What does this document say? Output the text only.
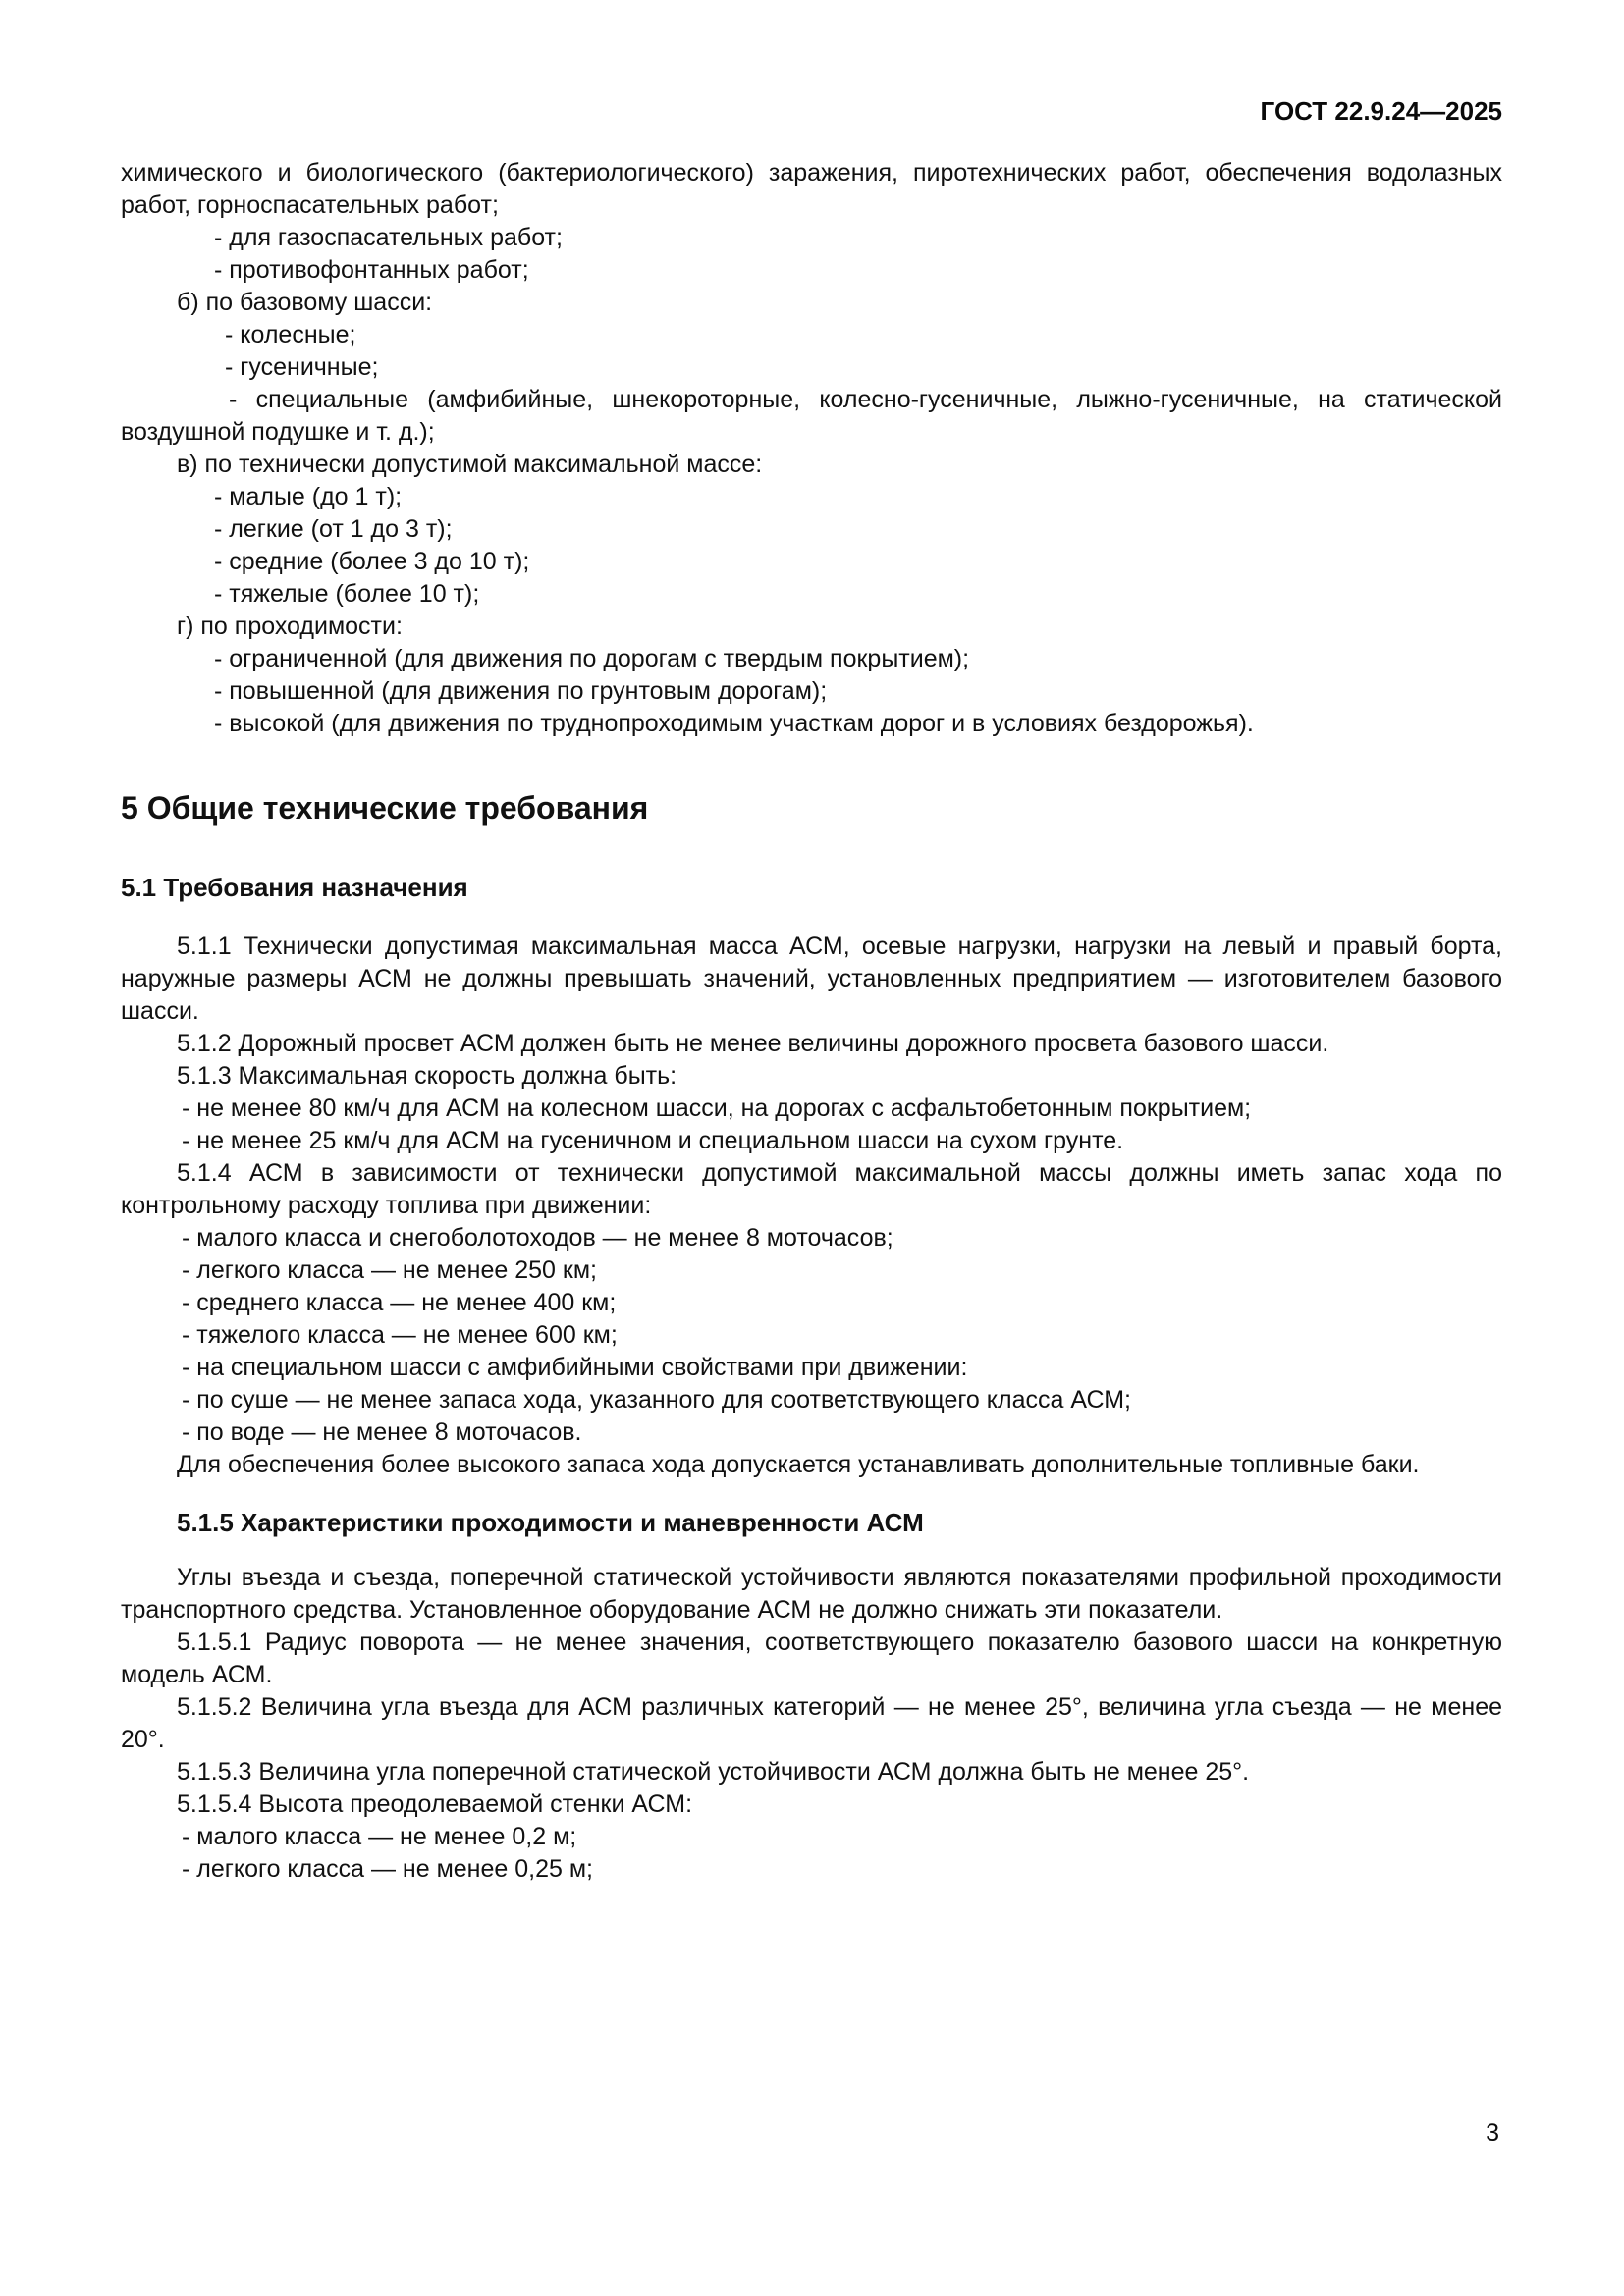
ГОСТ 22.9.24—2025
химического и биологического (бактериологического) заражения, пиротехнических работ, обеспечения водолазных работ, горноспасательных работ;
- для газоспасательных работ;
- противофонтанных работ;
б) по базовому шасси:
- колесные;
- гусеничные;
- специальные (амфибийные, шнекороторные, колесно-гусеничные, лыжно-гусеничные, на статической воздушной подушке и т. д.);
в) по технически допустимой максимальной массе:
- малые (до 1 т);
- легкие (от 1 до 3 т);
- средние (более 3 до 10 т);
- тяжелые (более 10 т);
г) по проходимости:
- ограниченной (для движения по дорогам с твердым покрытием);
- повышенной (для движения по грунтовым дорогам);
- высокой (для движения по труднопроходимым участкам дорог и в условиях бездорожья).
5 Общие технические требования
5.1 Требования назначения
5.1.1 Технически допустимая максимальная масса АСМ, осевые нагрузки, нагрузки на левый и правый борта, наружные размеры АСМ не должны превышать значений, установленных предприятием — изготовителем базового шасси.
5.1.2 Дорожный просвет АСМ должен быть не менее величины дорожного просвета базового шасси.
5.1.3 Максимальная скорость должна быть:
- не менее 80 км/ч для АСМ на колесном шасси, на дорогах с асфальтобетонным покрытием;
- не менее 25 км/ч для АСМ на гусеничном и специальном шасси на сухом грунте.
5.1.4 АСМ в зависимости от технически допустимой максимальной массы должны иметь запас хода по контрольному расходу топлива при движении:
- малого класса и снегоболотоходов — не менее 8 моточасов;
- легкого класса — не менее 250 км;
- среднего класса — не менее 400 км;
- тяжелого класса — не менее 600 км;
- на специальном шасси с амфибийными свойствами при движении:
- по суше — не менее запаса хода, указанного для соответствующего класса АСМ;
- по воде — не менее 8 моточасов.
Для обеспечения более высокого запаса хода допускается устанавливать дополнительные топливные баки.
5.1.5 Характеристики проходимости и маневренности АСМ
Углы въезда и съезда, поперечной статической устойчивости являются показателями профильной проходимости транспортного средства. Установленное оборудование АСМ не должно снижать эти показатели.
5.1.5.1 Радиус поворота — не менее значения, соответствующего показателю базового шасси на конкретную модель АСМ.
5.1.5.2 Величина угла въезда для АСМ различных категорий — не менее 25°, величина угла съезда — не менее 20°.
5.1.5.3 Величина угла поперечной статической устойчивости АСМ должна быть не менее 25°.
5.1.5.4 Высота преодолеваемой стенки АСМ:
- малого класса — не менее 0,2 м;
- легкого класса — не менее 0,25 м;
3
